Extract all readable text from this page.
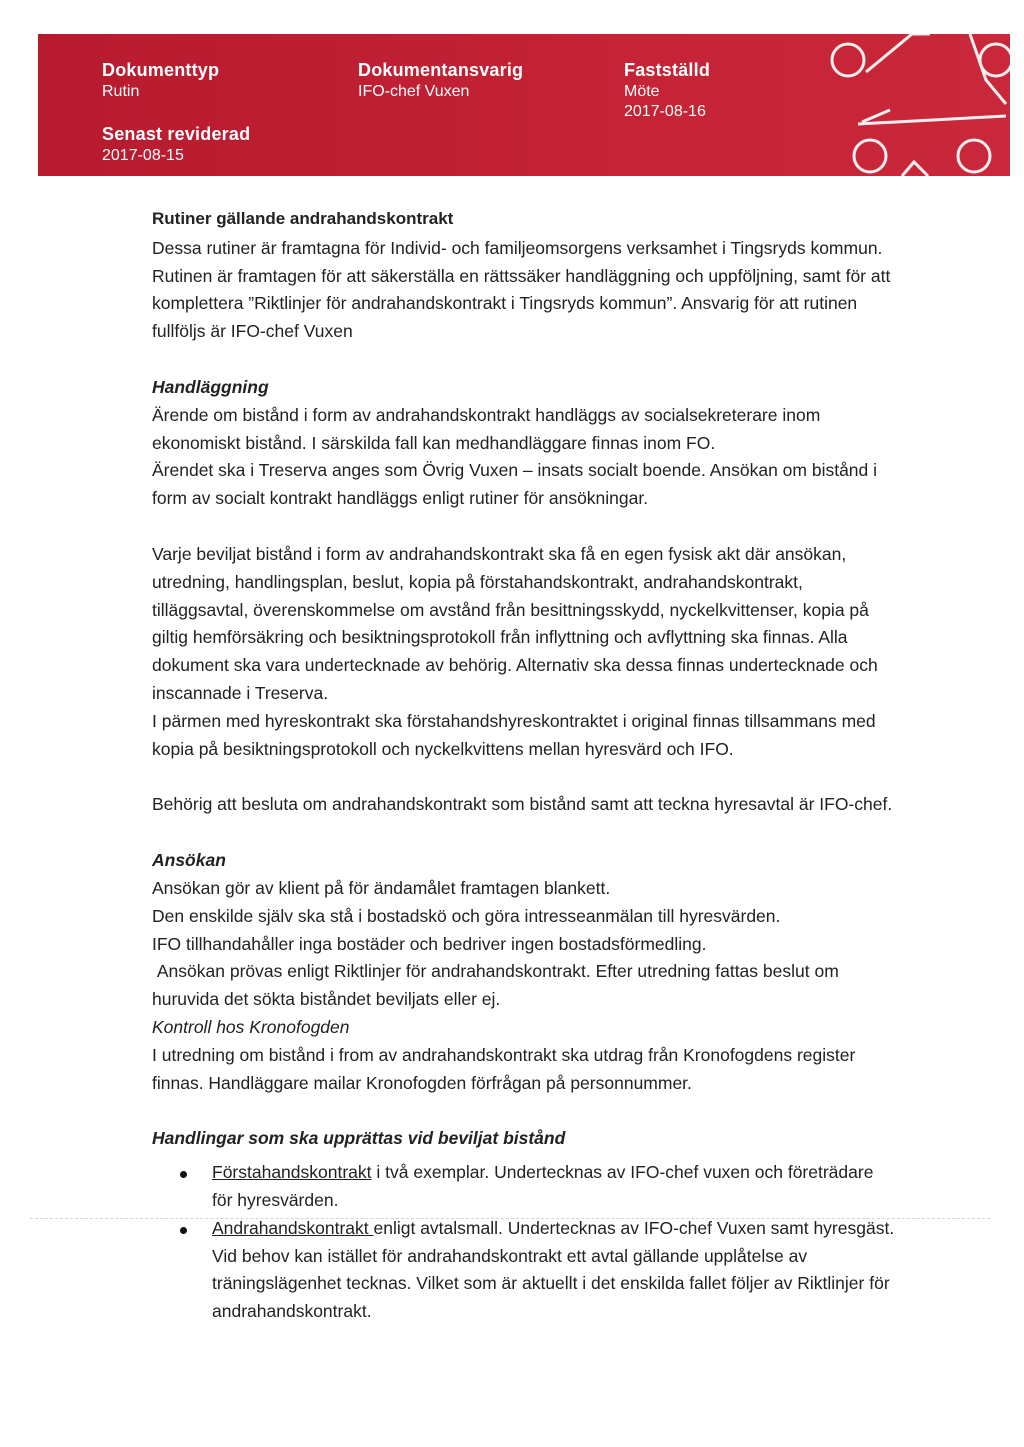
Dokumenttyp
Rutin
Dokumentansvarig
IFO-chef Vuxen
Fastställd
Möte
2017-08-16
Senast reviderad
2017-08-15

Rutiner gällande andrahandskontrakt

Dessa rutiner är framtagna för Individ- och familjeomsorgens verksamhet i Tingsryds kommun. Rutinen är framtagen för att säkerställa en rättssäker handläggning och uppföljning, samt för att komplettera ”Riktlinjer för andrahandskontrakt i Tingsryds kommun”. Ansvarig för att rutinen fullföljs är IFO-chef Vuxen

Handläggning

Ärende om bistånd i form av andrahandskontrakt handläggs av socialsekreterare inom ekonomiskt bistånd. I särskilda fall kan medhandläggare finnas inom FO.

Ärendet ska i Treserva anges som Övrig Vuxen – insats socialt boende. Ansökan om bistånd i form av socialt kontrakt handläggs enligt rutiner för ansökningar.

Varje beviljat bistånd i form av andrahandskontrakt ska få en egen fysisk akt där ansökan, utredning, handlingsplan, beslut, kopia på förstahandskontrakt, andrahandskontrakt, tilläggsavtal, överenskommelse om avstånd från besittningsskydd, nyckelkvittenser, kopia på giltig hemförsäkring och besiktningsprotokoll från inflyttning och avflyttning ska finnas. Alla dokument ska vara undertecknade av behörig. Alternativ ska dessa finnas undertecknade och inscannade i Treserva.

I pärmen med hyreskontrakt ska förstahandshyreskontraktet i original finnas tillsammans med kopia på besiktningsprotokoll och nyckelkvittens mellan hyresvärd och IFO.

Behörig att besluta om andrahandskontrakt som bistånd samt att teckna hyresavtal är IFO-chef.

Ansökan

Ansökan gör av klient på för ändamålet framtagen blankett.

Den enskilde själv ska stå i bostadskö och göra intresseanmälan till hyresvärden.

IFO tillhandahåller inga bostäder och bedriver ingen bostadsförmedling.

Ansökan prövas enligt Riktlinjer för andrahandskontrakt. Efter utredning fattas beslut om huruvida det sökta biståndet beviljats eller ej.

Kontroll hos Kronofogden

I utredning om bistånd i from av andrahandskontrakt ska utdrag från Kronofogdens register finnas. Handläggare mailar Kronofogden förfrågan på personnummer.

Handlingar som ska upprättas vid beviljat bistånd

Förstahandskontrakt i två exemplar. Undertecknas av IFO-chef vuxen och företrädare för hyresvärden.
Andrahandskontrakt enligt avtalsmall. Undertecknas av IFO-chef Vuxen samt hyresgäst. Vid behov kan istället för andrahandskontrakt ett avtal gällande upplåtelse av träningslägenhet tecknas. Vilket som är aktuellt i det enskilda fallet följer av Riktlinjer för andrahandskontrakt.
